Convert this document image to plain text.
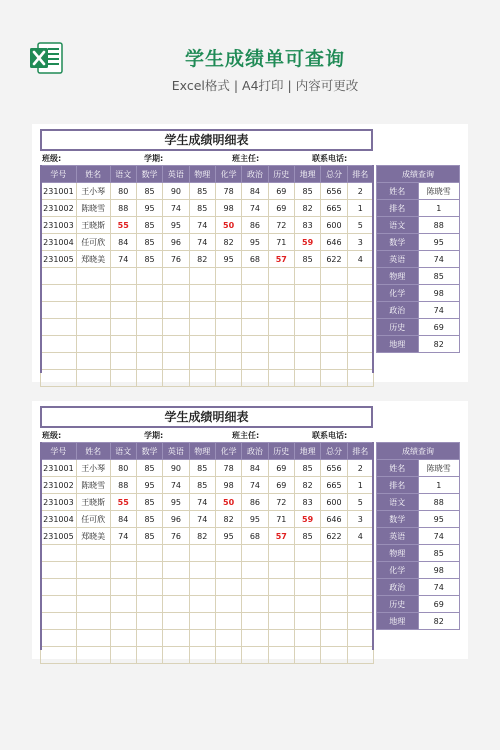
学生成绩单可查询
Excel格式 | A4打印 | 内容可更改
学生成绩明细表
班级:	学期:	班主任:	联系电话:
学号	姓名	语文	数学	英语	物理	化学	政治	历史	地理	总分	排名
231001	王小琴	80	85	90	85	78	84	69	85	656	2
231002	陈晓雪	88	95	74	85	98	74	69	82	665	1
231003	王晓斯	55	85	95	74	50	86	72	83	600	5
231004	任可欣	84	85	96	74	82	95	71	59	646	3
231005	郑晓美	74	85	76	82	95	68	57	85	622	4

成绩查询	
姓名	陈晓雪
排名	1
语文	88
数学	95
英语	74
物理	85
化学	98
政治	74
历史	69
地理	82
学生成绩明细表
班级:	学期:	班主任:	联系电话:
学号	姓名	语文	数学	英语	物理	化学	政治	历史	地理	总分	排名
231001	王小琴	80	85	90	85	78	84	69	85	656	2
231002	陈晓雪	88	95	74	85	98	74	69	82	665	1
231003	王晓斯	55	85	95	74	50	86	72	83	600	5
231004	任可欣	84	85	96	74	82	95	71	59	646	3
231005	郑晓美	74	85	76	82	95	68	57	85	622	4

成绩查询	
姓名	陈晓雪
排名	1
语文	88
数学	95
英语	74
物理	85
化学	98
政治	74
历史	69
地理	82
